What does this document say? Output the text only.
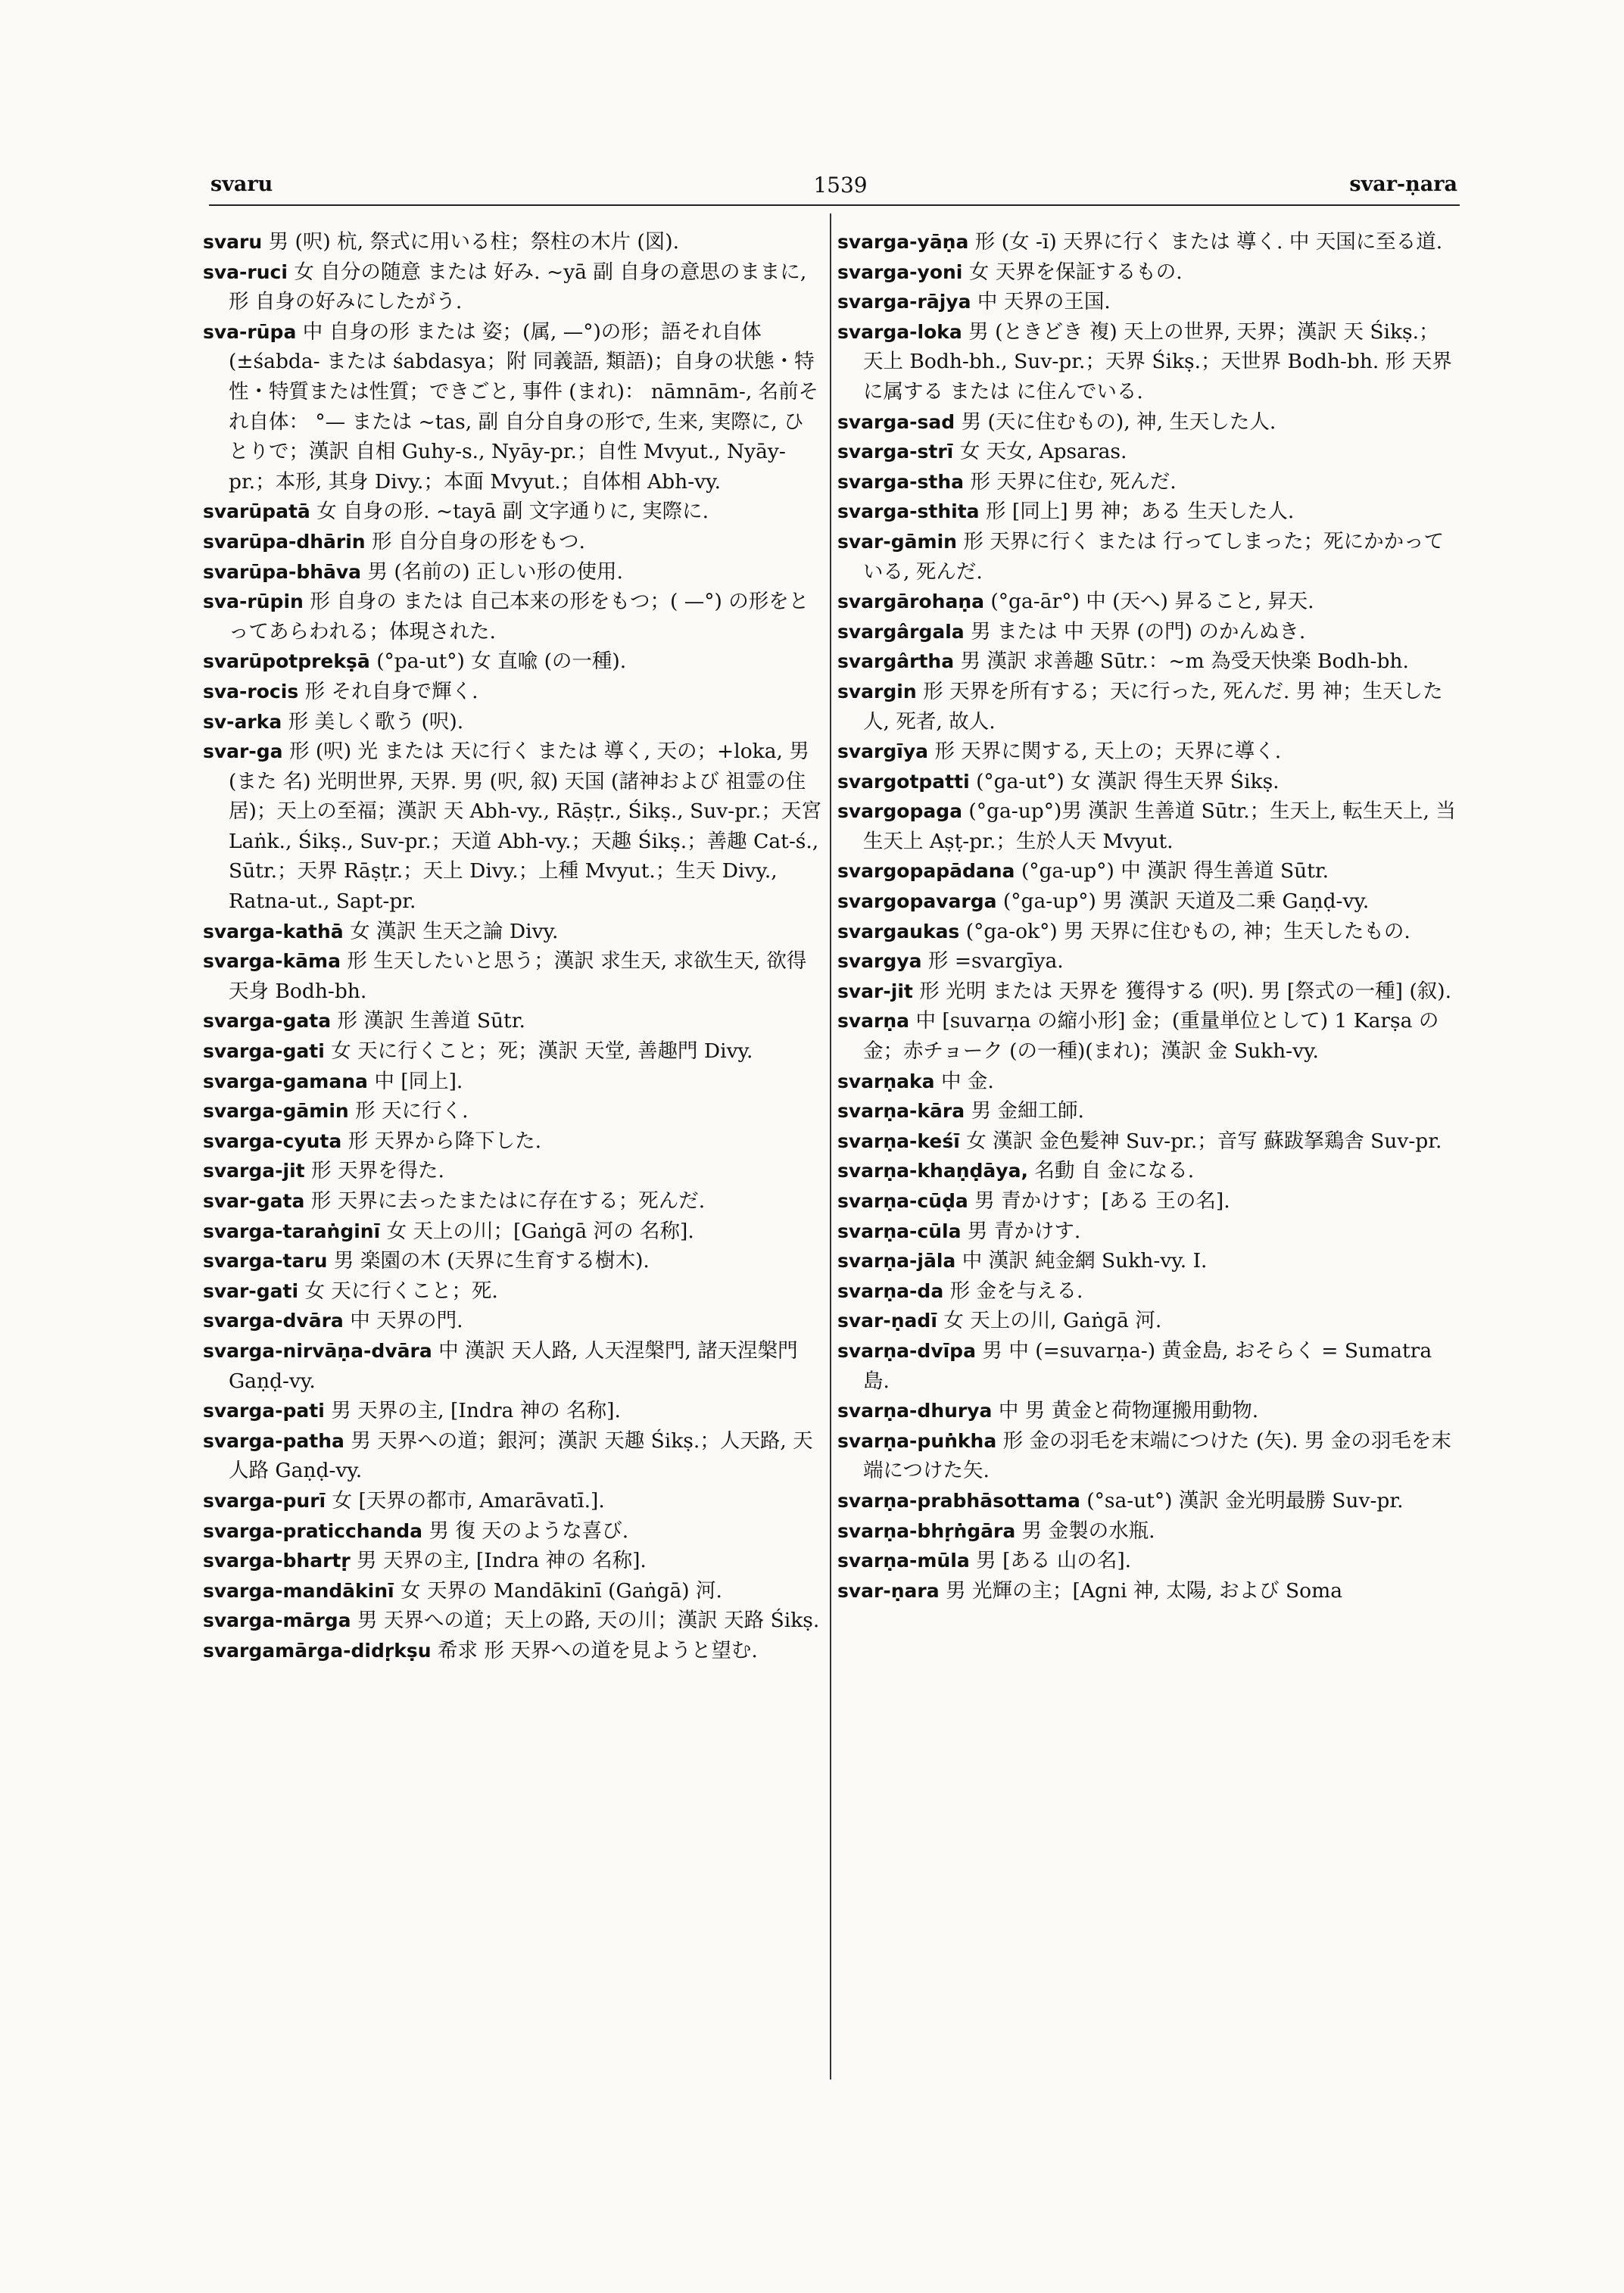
svaru	1539	svar-ṇara

svaru 男 (呎) 杭, 祭式に用いる柱；祭柱の木片 (図).

sva-ruci 女 自分の随意 または 好み. ~yā 副 自身の意思のままに, 形 自身の好みにしたがう.

sva-rūpa 中 自身の形 または 姿；(属, —°)の形；語それ自体 (±śabda- または śabdasya；附 同義語, 類語)；自身の状態・特性・特質または性質；できごと, 事件 (まれ)： nāmnām-, 名前それ自体： °— または ~tas, 副 自分自身の形で, 生来, 実際に, ひとりで；漢訳 自相 Guhy-s., Nyāy-pr.；自性 Mvyut., Nyāy-pr.；本形, 其身 Divy.；本面 Mvyut.；自体相 Abh-vy.

svarūpatā 女 自身の形. ~tayā 副 文字通りに, 実際に.

svarūpa-dhārin 形 自分自身の形をもつ.

svarūpa-bhāva 男 (名前の) 正しい形の使用.

sva-rūpin 形 自身の または 自己本来の形をもつ；( —°) の形をとってあらわれる；体現された.

svarūpotprekṣā (°pa-ut°) 女 直喩 (の一種).

sva-rocis 形 それ自身で輝く.

sv-arka 形 美しく歌う (呎).

svar-ga 形 (呎) 光 または 天に行く または 導く, 天の；+loka, 男 (また 名) 光明世界, 天界. 男 (呎, 叙) 天国 (諸神および 祖霊の住居)；天上の至福；漢訳 天 Abh-vy., Rāṣṭr., Śikṣ., Suv-pr.；天宮 Laṅk., Śikṣ., Suv-pr.；天道 Abh-vy.；天趣 Śikṣ.；善趣 Cat-ś., Sūtr.；天界 Rāṣṭr.；天上 Divy.；上種 Mvyut.；生天 Divy., Ratna-ut., Sapt-pr.

svarga-kathā 女 漢訳 生天之論 Divy.

svarga-kāma 形 生天したいと思う；漢訳 求生天, 求欲生天, 欲得天身 Bodh-bh.

svarga-gata 形 漢訳 生善道 Sūtr.

svarga-gati 女 天に行くこと；死；漢訳 天堂, 善趣門 Divy.

svarga-gamana 中 [同上].

svarga-gāmin 形 天に行く.

svarga-cyuta 形 天界から降下した.

svarga-jit 形 天界を得た.

svar-gata 形 天界に去ったまたはに存在する；死んだ.

svarga-taraṅginī 女 天上の川；[Gaṅgā 河の 名称].

svarga-taru 男 楽園の木 (天界に生育する樹木).

svar-gati 女 天に行くこと；死.

svarga-dvāra 中 天界の門.

svarga-nirvāṇa-dvāra 中 漢訳 天人路, 人天涅槃門, 諸天涅槃門 Gaṇḍ-vy.

svarga-pati 男 天界の主, [Indra 神の 名称].

svarga-patha 男 天界への道；銀河；漢訳 天趣 Śikṣ.；人天路, 天人路 Gaṇḍ-vy.

svarga-purī 女 [天界の都市, Amarāvatī.].

svarga-praticchanda 男 復 天のような喜び.

svarga-bhartṛ 男 天界の主, [Indra 神の 名称].

svarga-mandākinī 女 天界の Mandākinī (Gaṅgā) 河.

svarga-mārga 男 天界への道；天上の路, 天の川；漢訳 天路 Śikṣ.

svargamārga-didṛkṣu 希求 形 天界への道を見ようと望む.

svarga-yāṇa 形 (女 -ī) 天界に行く または 導く. 中 天国に至る道.

svarga-yoni 女 天界を保証するもの.

svarga-rājya 中 天界の王国.

svarga-loka 男 (ときどき 複) 天上の世界, 天界；漢訳 天 Śikṣ.；天上 Bodh-bh., Suv-pr.；天界 Śikṣ.；天世界 Bodh-bh. 形 天界に属する または に住んでいる.

svarga-sad 男 (天に住むもの), 神, 生天した人.

svarga-strī 女 天女, Apsaras.

svarga-stha 形 天界に住む, 死んだ.

svarga-sthita 形 [同上] 男 神；ある 生天した人.

svar-gāmin 形 天界に行く または 行ってしまった；死にかかっている, 死んだ.

svargārohaṇa (°ga-ār°) 中 (天へ) 昇ること, 昇天.

svargârgala 男 または 中 天界 (の門) のかんぬき.

svargârtha 男 漢訳 求善趣 Sūtr.：~m 為受天快楽 Bodh-bh.

svargin 形 天界を所有する；天に行った, 死んだ. 男 神；生天した人, 死者, 故人.

svargīya 形 天界に関する, 天上の；天界に導く.

svargotpatti (°ga-ut°) 女 漢訳 得生天界 Śikṣ.

svargopaga (°ga-up°)男 漢訳 生善道 Sūtr.；生天上, 転生天上, 当生天上 Aṣṭ-pr.；生於人天 Mvyut.

svargopapādana (°ga-up°) 中 漢訳 得生善道 Sūtr.

svargopavarga (°ga-up°) 男 漢訳 天道及二乗 Gaṇḍ-vy.

svargaukas (°ga-ok°) 男 天界に住むもの, 神；生天したもの.

svargya 形 =svargīya.

svar-jit 形 光明 または 天界を 獲得する (呎). 男 [祭式の一種] (叙).

svarṇa 中 [suvarṇa の縮小形] 金；(重量単位として) 1 Karṣa の金；赤チョーク (の一種)(まれ)；漢訳 金 Sukh-vy.

svarṇaka 中 金.

svarṇa-kāra 男 金細工師.

svarṇa-keśī 女 漢訳 金色髪神 Suv-pr.；音写 蘇跋拏鶏舎 Suv-pr.

svarṇa-khaṇḍāya, 名動 自 金になる.

svarṇa-cūḍa 男 青かけす；[ある 王の名].

svarṇa-cūla 男 青かけす.

svarṇa-jāla 中 漢訳 純金網 Sukh-vy. I.

svarṇa-da 形 金を与える.

svar-ṇadī 女 天上の川, Gaṅgā 河.

svarṇa-dvīpa 男 中 (=suvarṇa-) 黄金島, おそらく = Sumatra 島.

svarṇa-dhurya 中 男 黄金と荷物運搬用動物.

svarṇa-puṅkha 形 金の羽毛を末端につけた (矢). 男 金の羽毛を末端につけた矢.

svarṇa-prabhāsottama (°sa-ut°) 漢訳 金光明最勝 Suv-pr.

svarṇa-bhṛṅgāra 男 金製の水瓶.

svarṇa-mūla 男 [ある 山の名].

svar-ṇara 男 光輝の主；[Agni 神, 太陽, および Soma
